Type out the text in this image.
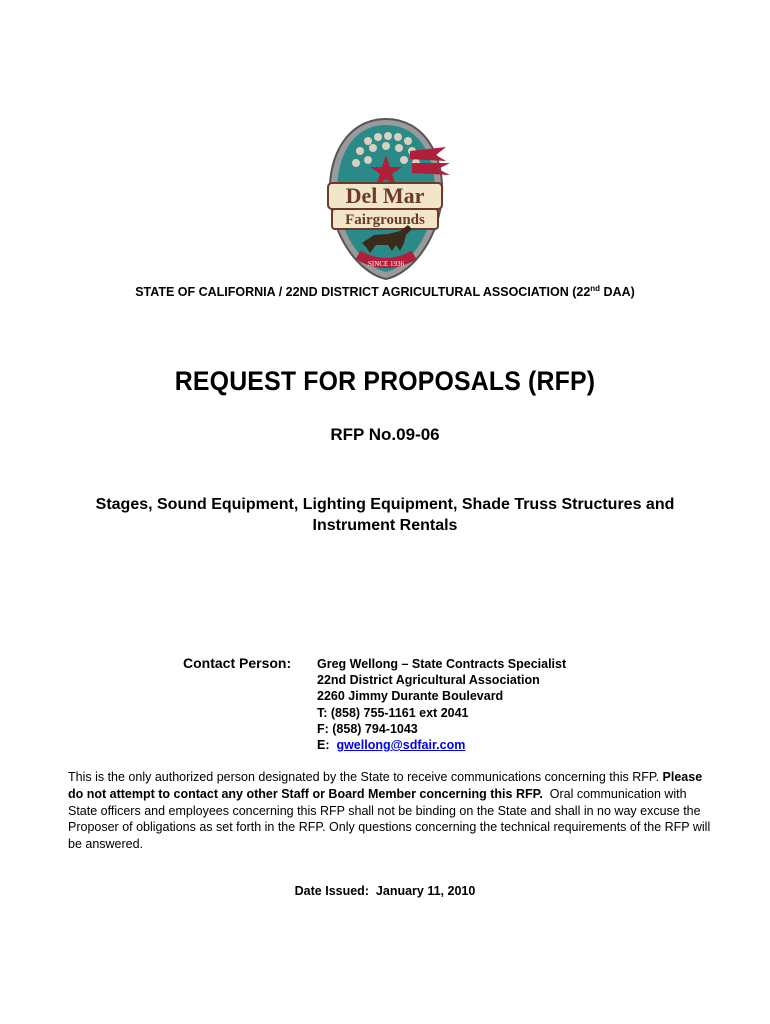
Del Mar
Fairgrounds
SINCE 1936
STATE OF CALIFORNIA / 22ND DISTRICT AGRICULTURAL ASSOCIATION (22nd DAA)
REQUEST FOR PROPOSALS (RFP)
RFP No.09-06
Stages, Sound Equipment, Lighting Equipment, Shade Truss Structures and
Instrument Rentals
Contact Person: Greg Wellong – State Contracts Specialist
22nd District Agricultural Association
2260 Jimmy Durante Boulevard
T: (858) 755-1161 ext 2041
F: (858) 794-1043
E:  gwellong@sdfair.com
This is the only authorized person designated by the State to receive communications concerning this RFP. Please do not attempt to contact any other Staff or Board Member concerning this RFP.  Oral communication with State officers and employees concerning this RFP shall not be binding on the State and shall in no way excuse the Proposer of obligations as set forth in the RFP. Only questions concerning the technical requirements of the RFP will be answered.
Date Issued:  January 11, 2010
